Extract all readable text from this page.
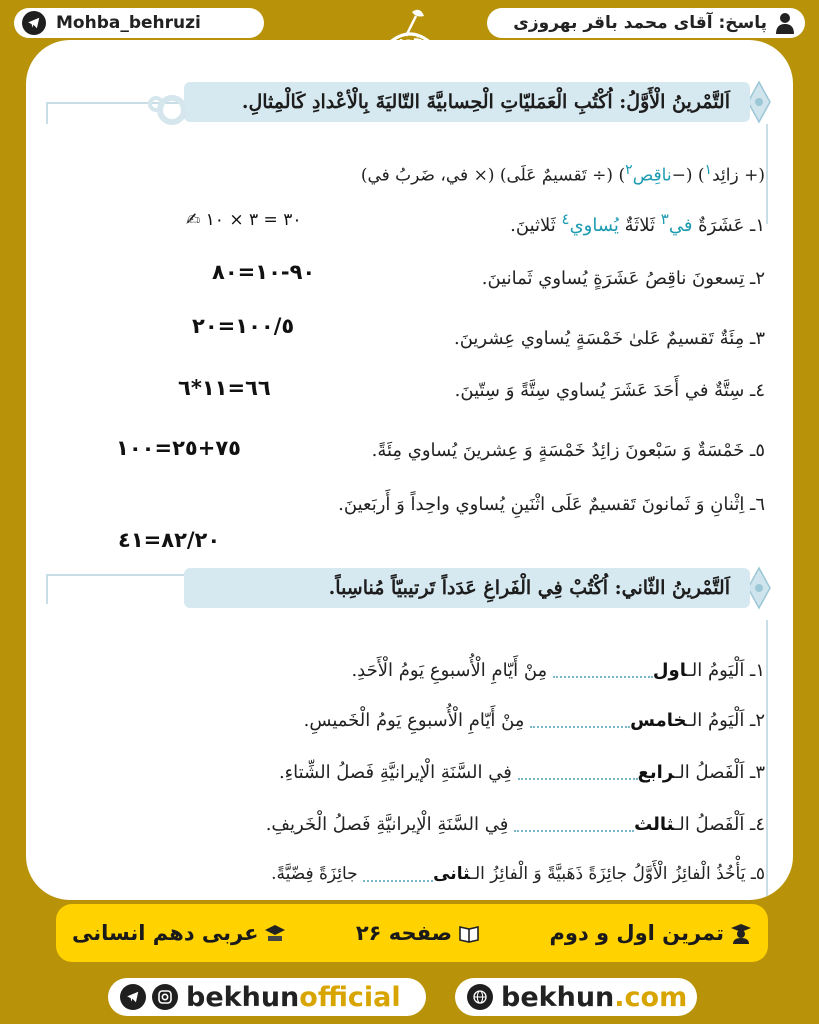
Mohba_behruzi	پاسخ: آقای محمد باقر بهروزی
اَلتَّمْرينُ الْأَوَّلُ: اُكْتُبِ الْعَمَليّاتِ الْحِسابيَّةَ التّاليَةَ بِالْأعْدادِ كَالْمِثالِ.
(+ زائِد$^١$) (−ناقِص$^٢$) (÷ تَقسيمٌ عَلَى) (× في، ضَربُ في)
١ـ عَشَرَةٌ في$^٣$ ثَلاثَةٌ يُساوي$^٤$ ثَلاثينَ.
✍ ٣٠ = ٣ × ١٠
٢ـ تِسعونَ ناقِصُ عَشَرَةٍ يُساوي ثَمانينَ.
٩٠-١٠=٨٠
٣ـ مِئَةٌ تَقسيمٌ عَلىٰ خَمْسَةٍ يُساوي عِشرينَ.
١٠٠/٥=٢٠
٤ـ سِتَّةٌ في أَحَدَ عَشَرَ يُساوي سِتَّةً وَ سِتّينَ.
٦٦=١١*٦
٥ـ خَمْسَةٌ وَ سَبْعونَ زائِدُ خَمْسَةٍ وَ عِشرينَ يُساوي مِئَةً.
٧٥+٢٥=١٠٠
٦ـ اِثْنانِ وَ ثَمانونَ تَقسيمٌ عَلَى اثْنَينِ يُساوي واحِداً وَ أَربَعينَ.
٨٢/٢٠=٤١
اَلتَّمْرينُ الثّاني: اُكْتُبْ فِي الْفَراغِ عَدَداً تَرتيبيّاً مُناسِباً.
١ـ اَلْيَومُ الـاول مِنْ أَيّامِ الْأُسبوعِ يَومُ الْأَحَدِ.
٢ـ اَلْيَومُ الـخامس مِنْ أَيّامِ الْأُسبوعِ يَومُ الْخَميسِ.
٣ـ اَلْفَصلُ الـرابع فِي السَّنَةِ الْإيرانيَّةِ فَصلُ الشِّتاءِ.
٤ـ اَلْفَصلُ الـثالث فِي السَّنَةِ الْإيرانيَّةِ فَصلُ الْخَريفِ.
٥ـ يَأْخُذُ الْفائِزُ الْأَوَّلُ جائِزَةً ذَهَبيَّةً وَ الْفائِزُ الـثانی جائِزَةً فِضّيَّةً.
تمرین اول و دوم
صفحه ۲۶
عربی دهم انسانی
bekhunofficial	bekhun.com
